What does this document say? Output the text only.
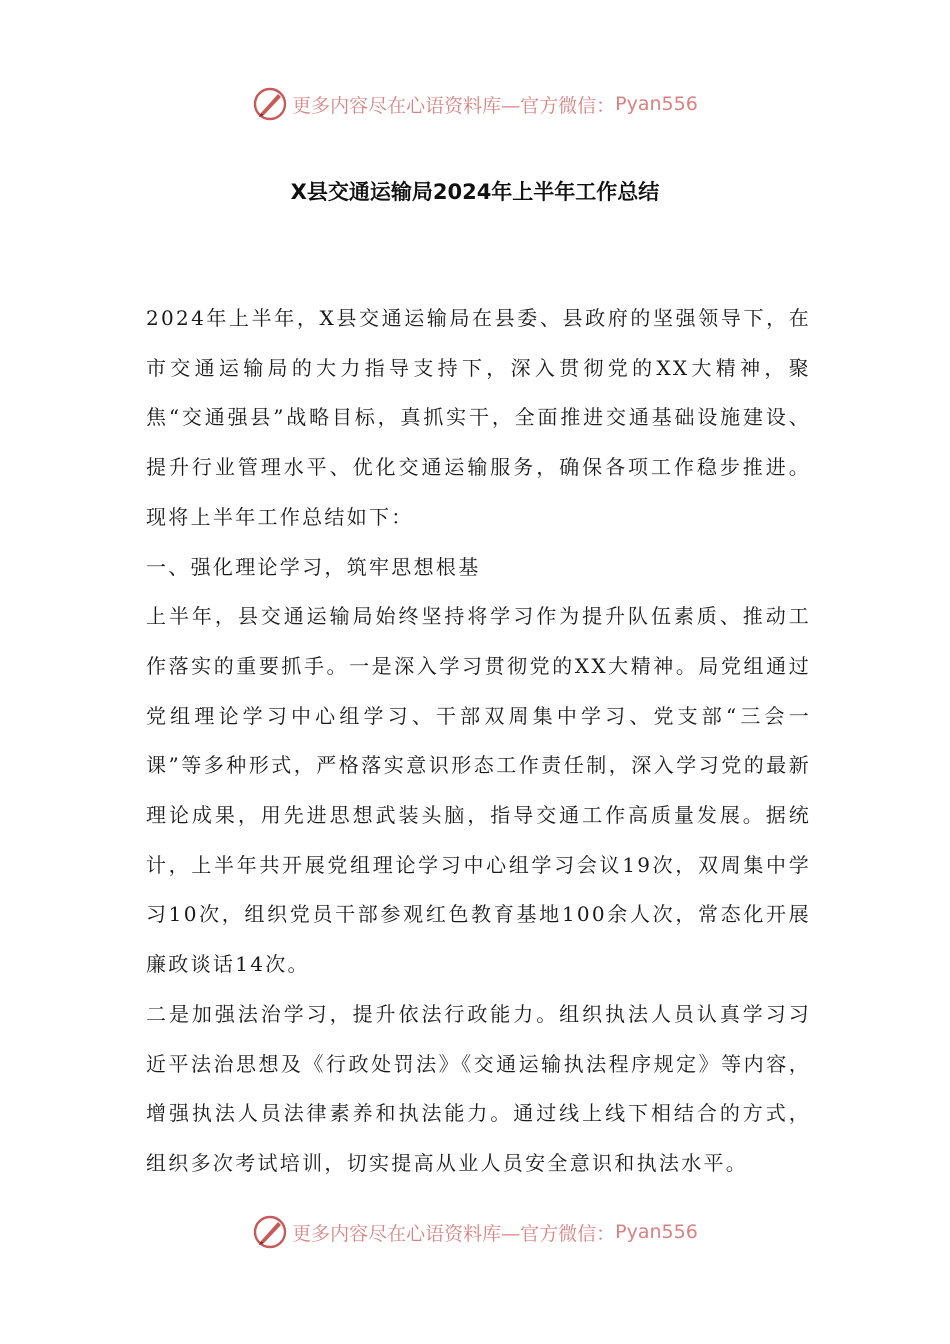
更多内容尽在心语资料库—官方微信： Pyan556
X县交通运输局2024年上半年工作总结

2024年上半年，X县交通运输局在县委、县政府的坚强领导下，在市交通运输局的大力指导支持下，深入贯彻党的XX大精神，聚焦“交通强县”战略目标，真抓实干，全面推进交通基础设施建设、提升行业管理水平、优化交通运输服务，确保各项工作稳步推进。现将上半年工作总结如下：

一、强化理论学习，筑牢思想根基

上半年，县交通运输局始终坚持将学习作为提升队伍素质、推动工作落实的重要抓手。一是深入学习贯彻党的XX大精神。局党组通过党组理论学习中心组学习、干部双周集中学习、党支部“三会一课”等多种形式，严格落实意识形态工作责任制，深入学习党的最新理论成果，用先进思想武装头脑，指导交通工作高质量发展。据统计，上半年共开展党组理论学习中心组学习会议19次，双周集中学习10次，组织党员干部参观红色教育基地100余人次，常态化开展廉政谈话14次。

二是加强法治学习，提升依法行政能力。组织执法人员认真学习习近平法治思想及《行政处罚法》《交通运输执法程序规定》等内容，增强执法人员法律素养和执法能力。通过线上线下相结合的方式，组织多次考试培训，切实提高从业人员安全意识和执法水平。

更多内容尽在心语资料库—官方微信： Pyan556
